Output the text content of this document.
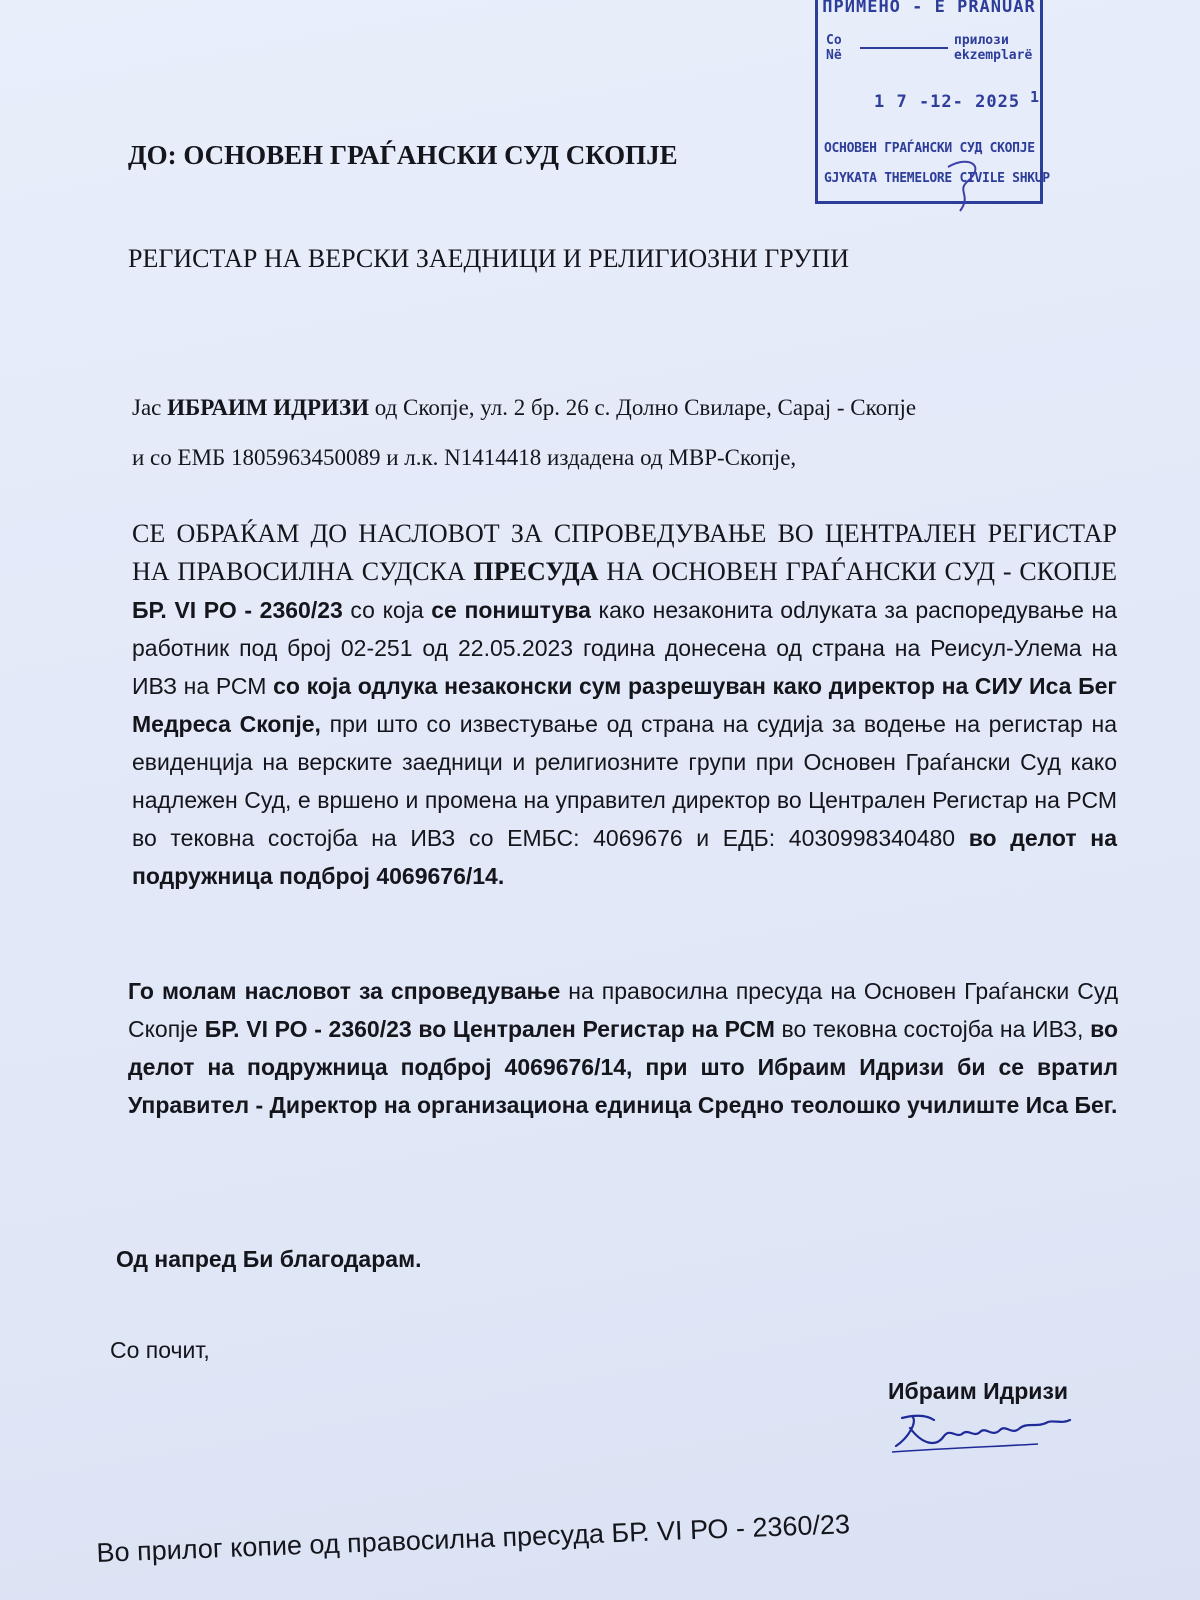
ПРИМЕНО - E PRANUAR
Со
Në
прилози
ekzemplarë
1 7 -12- 2025 1
ОСНОВЕН ГРАЃАНСКИ СУД СКОПЈЕ
GJYKATA THEMELORE CIVILE SHKUP
ДО: ОСНОВЕН ГРАЃАНСКИ СУД СКОПЈЕ
РЕГИСТАР НА ВЕРСКИ ЗАЕДНИЦИ И РЕЛИГИОЗНИ ГРУПИ
Јас ИБРАИМ ИДРИЗИ од Скопје, ул. 2 бр. 26 с. Долно Свиларе, Сарај - Скопје
и со ЕМБ 1805963450089 и л.к. N1414418 издадена од МВР-Скопје,
СЕ ОБРАЌАМ ДО НАСЛОВОТ ЗА СПРОВЕДУВАЊЕ ВО ЦЕНТРАЛЕН РЕГИСТАР НА ПРАВОСИЛНА СУДСКА ПРЕСУДА НА ОСНОВЕН ГРАЃАНСКИ СУД - СКОПЈЕ БР. VI РО - 2360/23 со која се поништува како незаконита odлуката за распоредување на работник под број 02-251 од 22.05.2023 година донесена од страна на Реисул-Улема на ИВЗ на РСМ со која одлука незаконски сум разрешуван како директор на СИУ Иса Бег Медреса Скопје, при што со известување од страна на судија за водење на регистар на евиденција на верските заедници и религиозните групи при Основен Граѓански Суд како надлежен Суд, е вршено и промена на управител директор во Централен Регистар на РСМ во тековна состојба на ИВЗ со ЕМБС: 4069676 и ЕДБ: 4030998340480 во делот на подружница подброј 4069676/14.
Го молам насловот за спроведување на правосилна пресуда на Основен Граѓански Суд Скопје БР. VI РО - 2360/23 во Централен Регистар на РСМ во тековна состојба на ИВЗ, во делот на подружница подброј 4069676/14, при што Ибраим Идризи би се вратил Управител - Директор на организациона единица Средно теолошко училиште Иса Бег.
Од напред Би благодарам.
Со почит,
Ибраим Идризи
Во прилог копие од правосилна пресуда БР. VI РО - 2360/23
